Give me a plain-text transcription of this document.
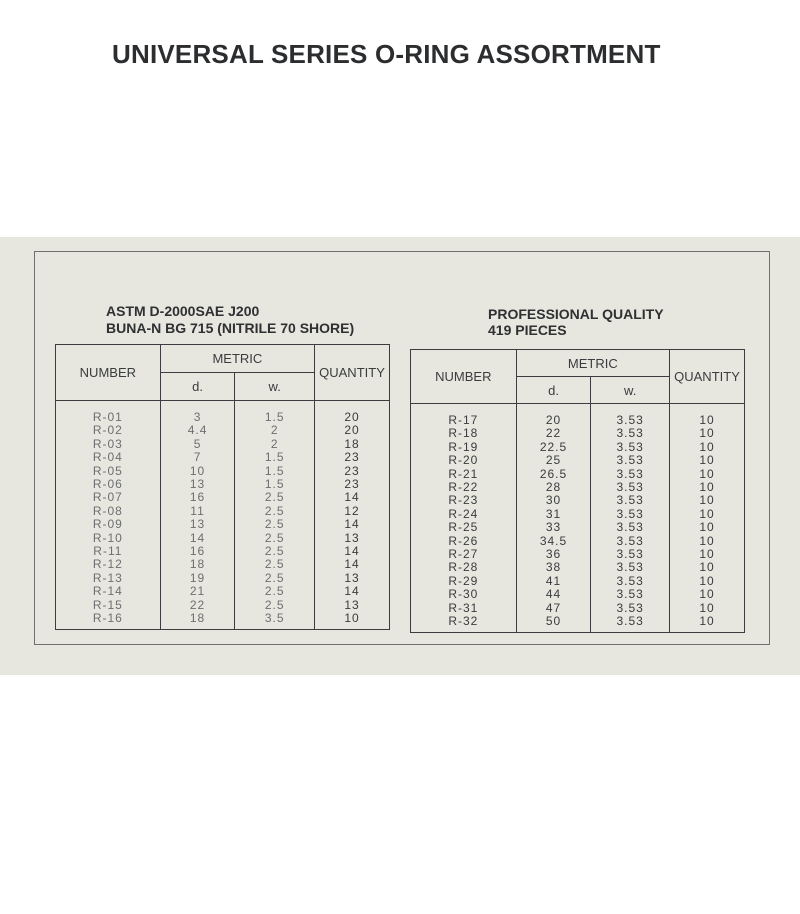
UNIVERSAL SERIES O-RING ASSORTMENT
ASTM D-2000SAE J200
BUNA-N BG 715 (NITRILE 70 SHORE)
PROFESSIONAL QUALITY
419 PIECES
NUMBER	METRIC		QUANTITY
	d.	w.	

R-01	3	1.5	20
R-02	4.4	2	20
R-03	5	2	18
R-04	7	1.5	23
R-05	10	1.5	23
R-06	13	1.5	23
R-07	16	2.5	14
R-08	11	2.5	12
R-09	13	2.5	14
R-10	14	2.5	13
R-11	16	2.5	14
R-12	18	2.5	14
R-13	19	2.5	13
R-14	21	2.5	14
R-15	22	2.5	13
R-16	18	3.5	10

NUMBER	METRIC		QUANTITY
	d.	w.	

R-17	20	3.53	10
R-18	22	3.53	10
R-19	22.5	3.53	10
R-20	25	3.53	10
R-21	26.5	3.53	10
R-22	28	3.53	10
R-23	30	3.53	10
R-24	31	3.53	10
R-25	33	3.53	10
R-26	34.5	3.53	10
R-27	36	3.53	10
R-28	38	3.53	10
R-29	41	3.53	10
R-30	44	3.53	10
R-31	47	3.53	10
R-32	50	3.53	10
